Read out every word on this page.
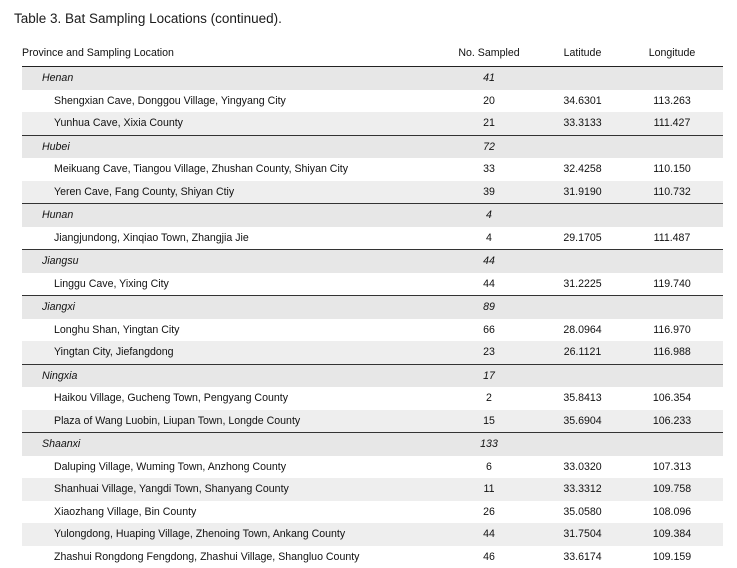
Table 3. Bat Sampling Locations (continued).
Province and Sampling Location	No. Sampled	Latitude	Longitude
Henan	41		
Shengxian Cave, Donggou Village, Yingyang City	20	34.6301	113.263
Yunhua Cave, Xixia County	21	33.3133	111.427
Hubei	72		
Meikuang Cave, Tiangou Village, Zhushan County, Shiyan City	33	32.4258	110.150
Yeren Cave, Fang County, Shiyan Ctiy	39	31.9190	110.732
Hunan	4		
Jiangjundong, Xinqiao Town, Zhangjia Jie	4	29.1705	111.487
Jiangsu	44		
Linggu Cave, Yixing City	44	31.2225	119.740
Jiangxi	89		
Longhu Shan, Yingtan City	66	28.0964	116.970
Yingtan City, Jiefangdong	23	26.1121	116.988
Ningxia	17		
Haikou Village, Gucheng Town, Pengyang County	2	35.8413	106.354
Plaza of Wang Luobin, Liupan Town, Longde County	15	35.6904	106.233
Shaanxi	133		
Daluping Village, Wuming Town, Anzhong County	6	33.0320	107.313
Shanhuai Village, Yangdi Town, Shanyang County	11	33.3312	109.758
Xiaozhang Village, Bin County	26	35.0580	108.096
Yulongdong, Huaping Village, Zhenoing Town, Ankang County	44	31.7504	109.384
Zhashui Rongdong Fengdong, Zhashui Village, Shangluo County	46	33.6174	109.159
